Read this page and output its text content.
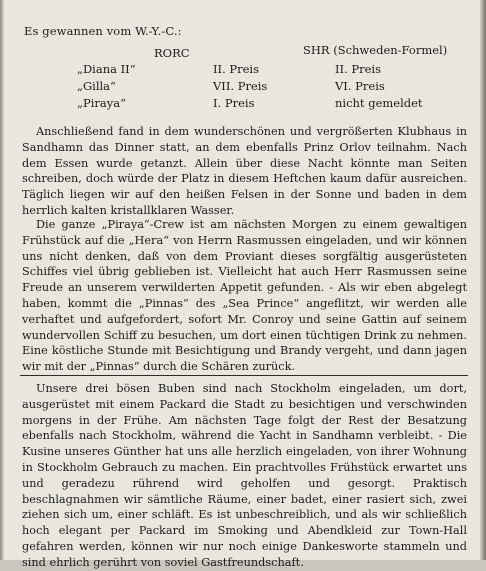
Es gewannen vom W.-Y.-C.:
RORC	SHR (Schweden-Formel)
„Diana II“	II. Preis	II. Preis
„Gilla“	VII. Preis	VI. Preis
„Piraya“	I. Preis	nicht gemeldet

Anschließend fand in dem wunderschönen und vergrößerten Klubhaus in Sandhamn das Dinner statt, an dem ebenfalls Prinz Orlov teilnahm. Nach dem Essen wurde getanzt. Allein über diese Nacht könnte man Seiten schreiben, doch würde der Platz in diesem Heftchen kaum dafür ausreichen. Täglich liegen wir auf den heißen Felsen in der Sonne und baden in dem herrlich kalten kristallklaren Wasser.

Die ganze „Piraya“-Crew ist am nächsten Morgen zu einem gewaltigen Frühstück auf die „Hera“ von Herrn Rasmussen eingeladen, und wir können uns nicht denken, daß von dem Proviant dieses sorgfältig ausgerüsteten Schiffes viel übrig geblieben ist. Vielleicht hat auch Herr Rasmussen seine Freude an unserem verwilderten Appetit gefunden. - Als wir eben abgelegt haben, kommt die „Pinnas“ des „Sea Prince“ angeflitzt, wir werden alle verhaftet und aufgefordert, sofort Mr. Conroy und seine Gattin auf seinem wundervollen Schiff zu besuchen, um dort einen tüchtigen Drink zu nehmen. Eine köstliche Stunde mit Besichtigung und Brandy vergeht, und dann jagen wir mit der „Pinnas“ durch die Schären zurück.

Unsere drei bösen Buben sind nach Stockholm eingeladen, um dort, ausgerüstet mit einem Packard die Stadt zu besichtigen und verschwinden morgens in der Frühe. Am nächsten Tage folgt der Rest der Besatzung ebenfalls nach Stockholm, während die Yacht in Sandhamn verbleibt. - Die Kusine unseres Günther hat uns alle herzlich eingeladen, von ihrer Wohnung in Stockholm Gebrauch zu machen. Ein prachtvolles Frühstück erwartet uns und geradezu rührend wird geholfen und gesorgt. Praktisch beschlagnahmen wir sämtliche Räume, einer badet, einer rasiert sich, zwei ziehen sich um, einer schläft. Es ist unbeschreiblich, und als wir schließlich hoch elegant per Packard im Smoking und Abendkleid zur Town-Hall gefahren werden, können wir nur noch einige Dankesworte stammeln und sind ehrlich gerührt von soviel Gastfreundschaft.
